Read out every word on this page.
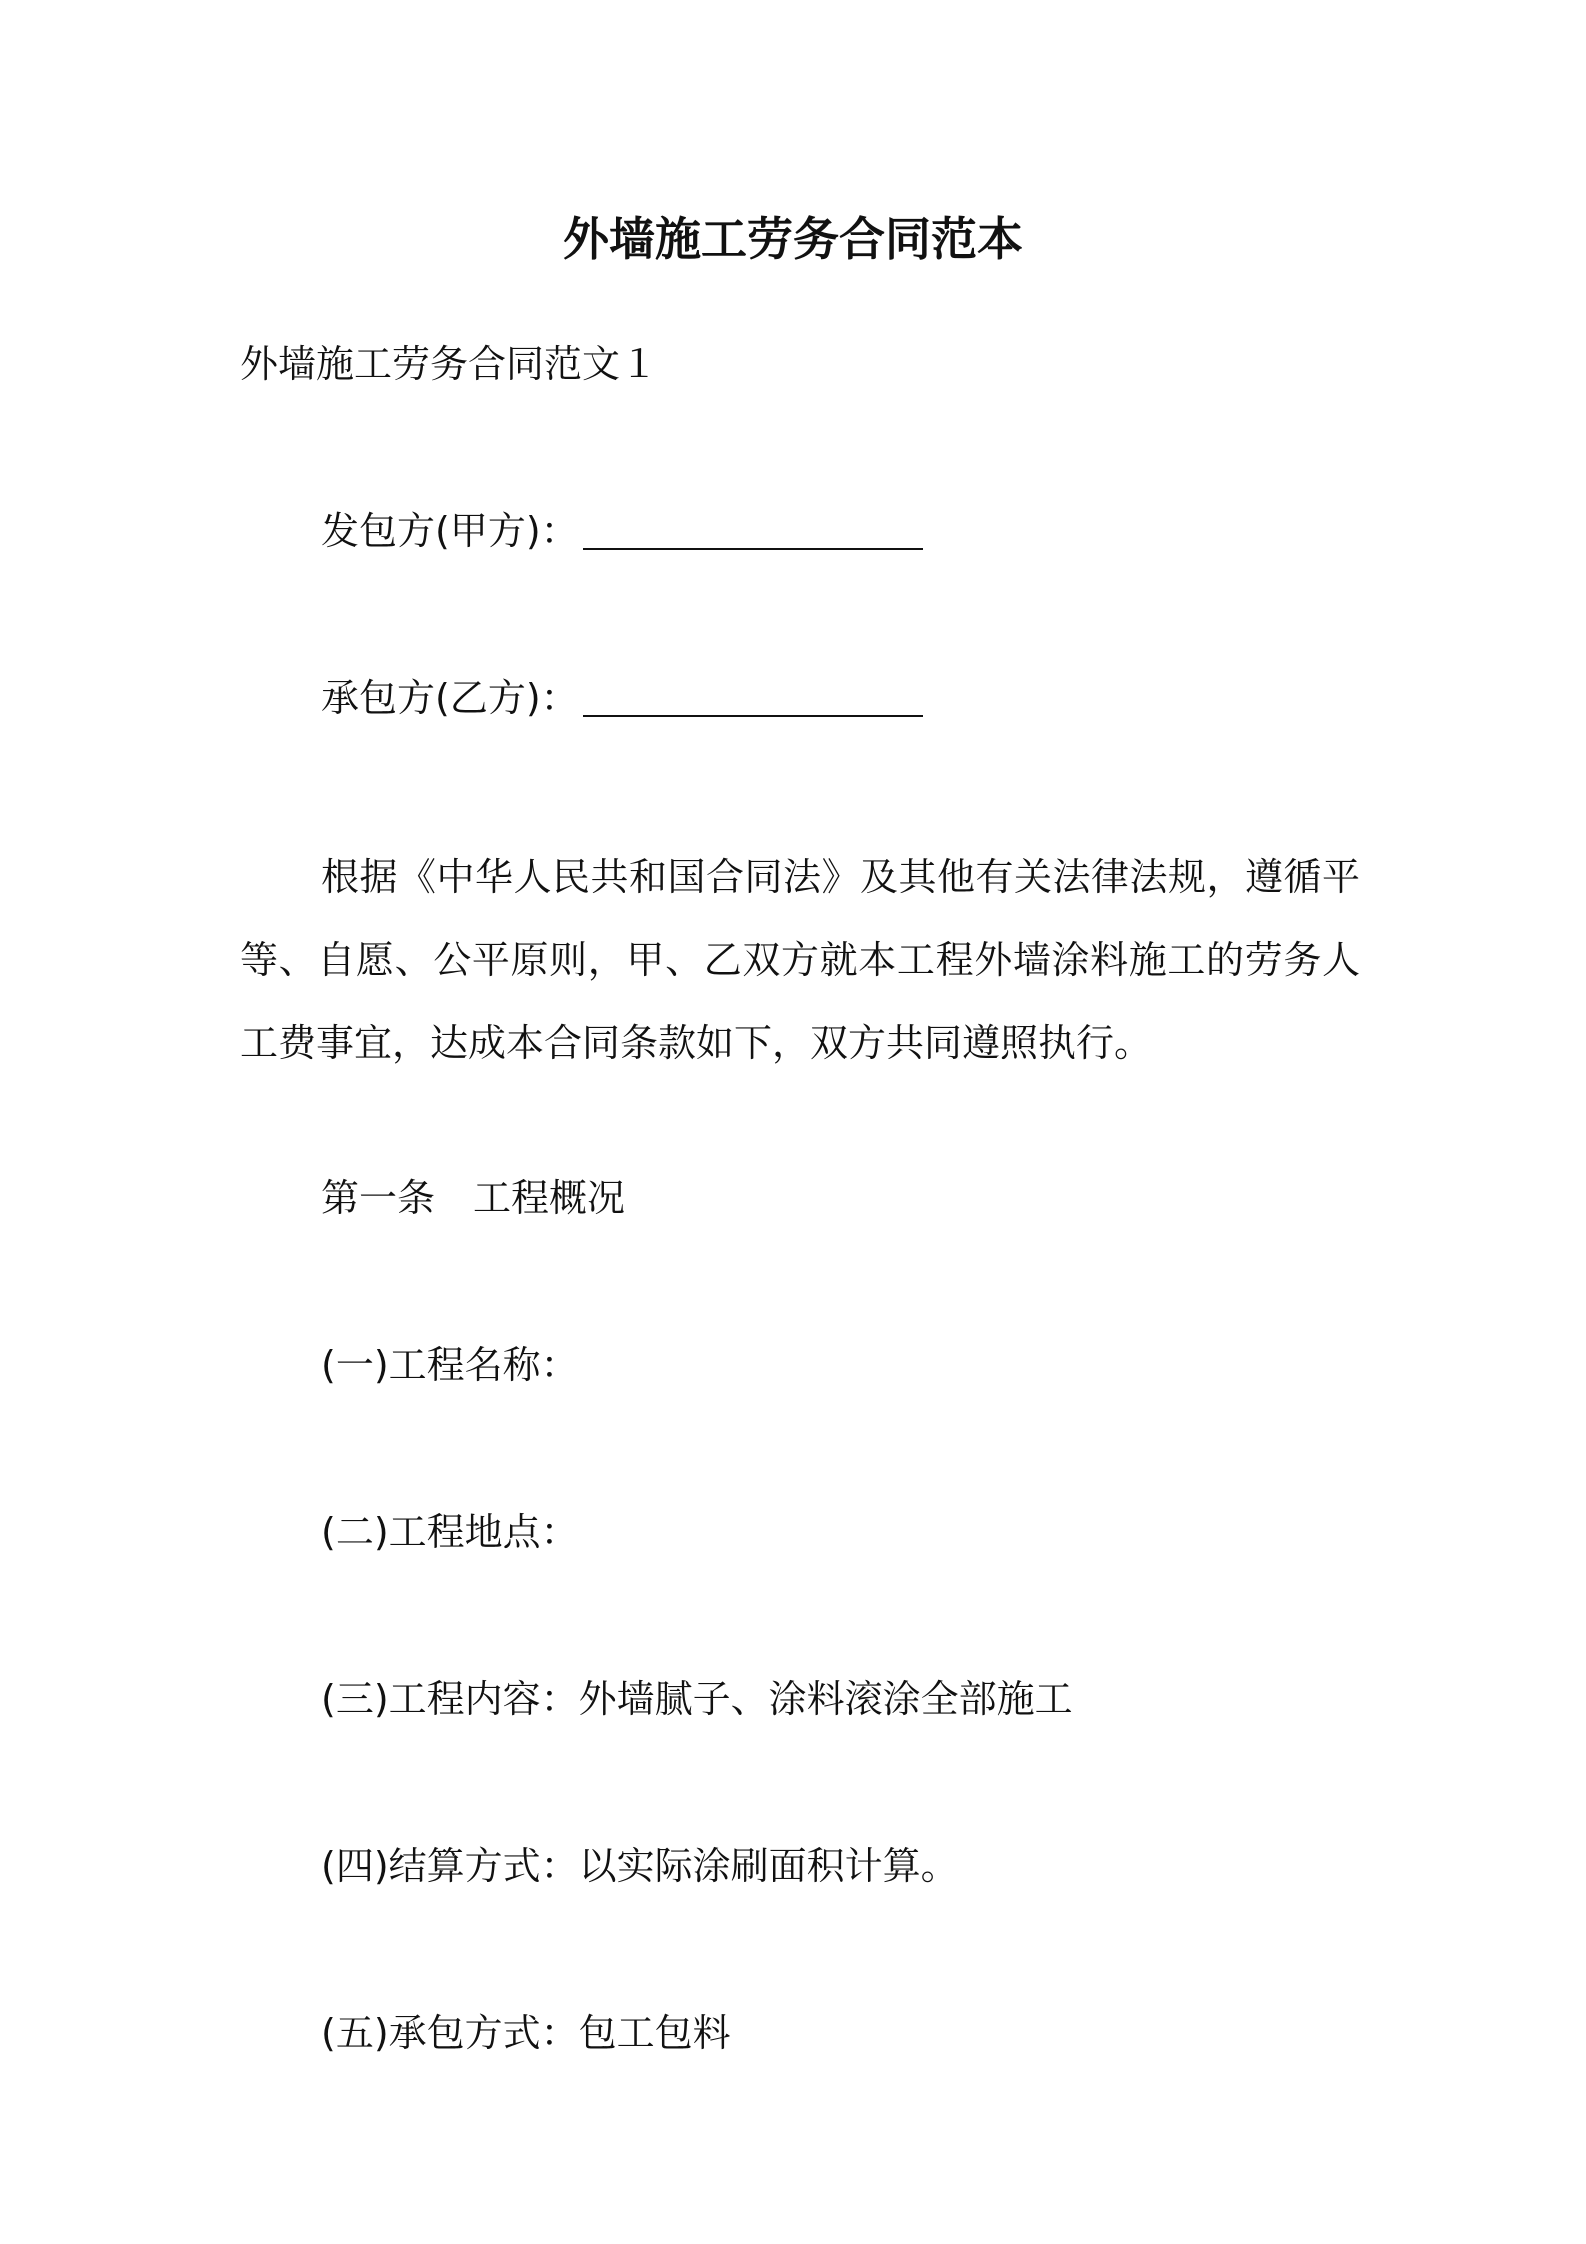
外墙施工劳务合同范本
外墙施工劳务合同范文１
发包方(甲方)：
承包方(乙方)：
根据《中华人民共和国合同法》及其他有关法律法规，遵循平等、自愿、公平原则，甲、乙双方就本工程外墙涂料施工的劳务人工费事宜，达成本合同条款如下，双方共同遵照执行。
第一条　工程概况
(一)工程名称：
(二)工程地点：
(三)工程内容：外墙腻子、涂料滚涂全部施工
(四)结算方式：以实际涂刷面积计算。
(五)承包方式：包工包料
